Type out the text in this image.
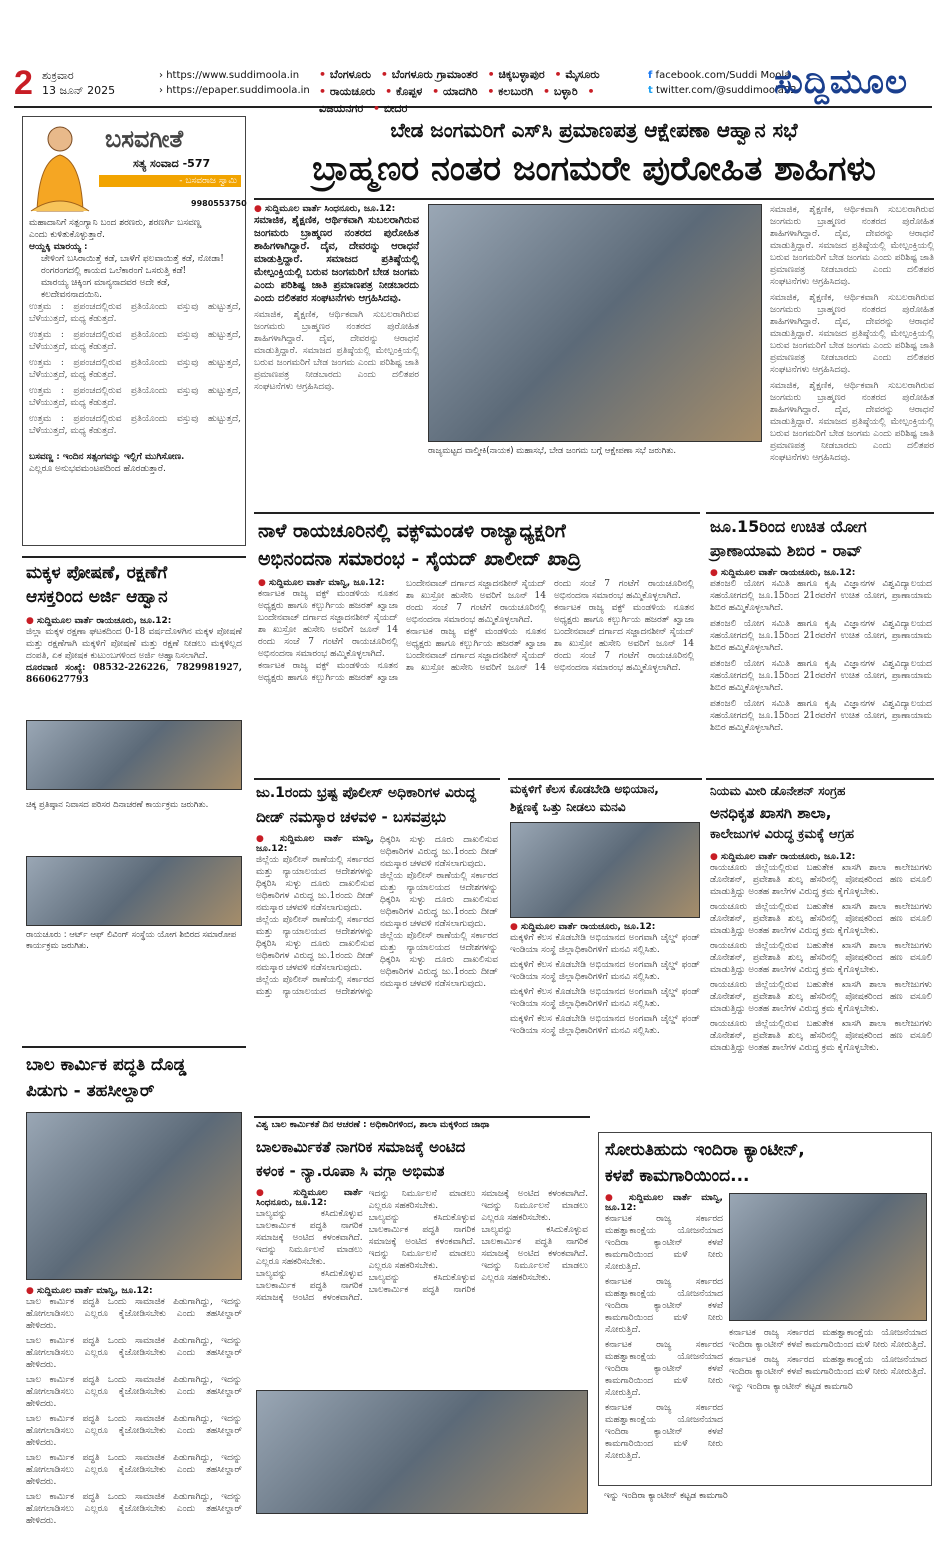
2 ಶುಕ್ರವಾರ
13 ಜೂನ್ 2025
› https://www.suddimoola.in
› https://epaper.suddimoola.in
• ಬೆಂಗಳೂರು • ಬೆಂಗಳೂರು ಗ್ರಾಮಾಂತರ • ಚಿಕ್ಕಬಳ್ಳಾಪುರ • ಮೈಸೂರು
• ರಾಯಚೂರು • ಕೊಪ್ಪಳ • ಯಾದಗಿರಿ • ಕಲಬುರಗಿ • ಬಳ್ಳಾರಿ • ವಿಜಯನಗರ • ಬೀದರ
f facebook.com/Suddi Moola
t twitter.com/@suddimoola22
ಸುದ್ದಿಮೂಲ
ಬಸವಗೀತೆ
ಸತ್ಯ ಸಂವಾದ -577
- ಬಸವರಾಜ ಸ್ವಾಮಿ
9980553750
ಮಹಾದಾನಿಗೆ ಸತ್ಪಂಗ್ಯಾನಿ ಬಂದ ಶರಣರು, ಶರಣರ್ಗಿ ಬಸವಣ್ಣ
ಎಂದು ಕುಳಿತುಕೊಳ್ಳುತ್ತಾರೆ.
ಆಯ್ದಕ್ಕಿ ಮಾರಯ್ಯ :
ಚೇಳಿಂಗೆ ಬಸಿರಾಯಿತ್ತೆ ಕಡೆ, ಬಾಳೆಗೆ ಫಲವಾಯಿತ್ತೆ ಕಡೆ, ನೋಡಾ!
ರಂಗರಂಗದಲ್ಲಿ ಕಾಯದ ಒಲೆಕಾರಂಗೆ ಒಸರುತ್ತಿ ಕಡೆ!
ಮಾರಯ್ಯ ಚಿಕ್ಕಿಂಗ ಮಾನ್ಯನಾದವರ ಅದೇ ಕಡೆ,
ಕಲದೇವನನಾದಯಿನಿ.
ಉತ್ತಮ : ಪ್ರಪಂಚದಲ್ಲಿರುವ ಪ್ರತಿಯೊಂದು ವಸ್ತುವು ಹುಟ್ಟುತ್ತದೆ, ಬೆಳೆಯುತ್ತದೆ, ಮಧ್ಯ ಕೆಡುತ್ತದೆ.
ಉತ್ತಮ : ಪ್ರಪಂಚದಲ್ಲಿರುವ ಪ್ರತಿಯೊಂದು ವಸ್ತುವು ಹುಟ್ಟುತ್ತದೆ, ಬೆಳೆಯುತ್ತದೆ, ಮಧ್ಯ ಕೆಡುತ್ತದೆ.
ಉತ್ತಮ : ಪ್ರಪಂಚದಲ್ಲಿರುವ ಪ್ರತಿಯೊಂದು ವಸ್ತುವು ಹುಟ್ಟುತ್ತದೆ, ಬೆಳೆಯುತ್ತದೆ, ಮಧ್ಯ ಕೆಡುತ್ತದೆ.
ಉತ್ತಮ : ಪ್ರಪಂಚದಲ್ಲಿರುವ ಪ್ರತಿಯೊಂದು ವಸ್ತುವು ಹುಟ್ಟುತ್ತದೆ, ಬೆಳೆಯುತ್ತದೆ, ಮಧ್ಯ ಕೆಡುತ್ತದೆ.
ಉತ್ತಮ : ಪ್ರಪಂಚದಲ್ಲಿರುವ ಪ್ರತಿಯೊಂದು ವಸ್ತುವು ಹುಟ್ಟುತ್ತದೆ, ಬೆಳೆಯುತ್ತದೆ, ಮಧ್ಯ ಕೆಡುತ್ತದೆ.
ಬಸವಣ್ಣ : ಇಂದಿನ ಸತ್ಸಂಗವನ್ನು ಇಲ್ಲಿಗೆ ಮುಗಿಸೋಣ.
ಎಲ್ಲರೂ ಅನುಭವಮಂಟಪದಿಂದ ಹೊರಡುತ್ತಾರೆ.
ಬೇಡ ಜಂಗಮರಿಗೆ ಎಸ್‌ಸಿ ಪ್ರಮಾಣಪತ್ರ ಆಕ್ಷೇಪಣಾ ಆಹ್ವಾನ ಸಭೆ
ಬ್ರಾಹ್ಮಣರ ನಂತರ ಜಂಗಮರೇ ಪುರೋಹಿತ ಶಾಹಿಗಳು
● ಸುದ್ದಿಮೂಲ ವಾರ್ತೆ ಸಿಂಧನೂರು, ಜೂ.12:
ಸಮಾಜಿಕ, ಶೈಕ್ಷಣಿಕ, ಆರ್ಥಿಕವಾಗಿ ಸುಬಲರಾಗಿರುವ ಜಂಗಮರು ಬ್ರಾಹ್ಮಣರ ನಂತರದ ಪುರೋಹಿತ ಶಾಹಿಗಳಾಗಿದ್ದಾರೆ. ದೈವ, ದೇವರನ್ನು ಆರಾಧನೆ ಮಾಡುತ್ತಿದ್ದಾರೆ. ಸಮಾಜದ ಪ್ರತಿಷ್ಠೆಯಲ್ಲಿ ಮೇಲ್ಪಂಕ್ತಿಯಲ್ಲಿ ಬರುವ ಜಂಗಮರಿಗೆ ಬೇಡ ಜಂಗಮ ಎಂದು ಪರಿಶಿಷ್ಟ ಜಾತಿ ಪ್ರಮಾಣಪತ್ರ ನೀಡಬಾರದು ಎಂದು ದಲಿತಪರ ಸಂಘಟನೆಗಳು ಆಗ್ರಹಿಸಿದವು.
ಸಮಾಜಿಕ, ಶೈಕ್ಷಣಿಕ, ಆರ್ಥಿಕವಾಗಿ ಸುಬಲರಾಗಿರುವ ಜಂಗಮರು ಬ್ರಾಹ್ಮಣರ ನಂತರದ ಪುರೋಹಿತ ಶಾಹಿಗಳಾಗಿದ್ದಾರೆ. ದೈವ, ದೇವರನ್ನು ಆರಾಧನೆ ಮಾಡುತ್ತಿದ್ದಾರೆ. ಸಮಾಜದ ಪ್ರತಿಷ್ಠೆಯಲ್ಲಿ ಮೇಲ್ಪಂಕ್ತಿಯಲ್ಲಿ ಬರುವ ಜಂಗಮರಿಗೆ ಬೇಡ ಜಂಗಮ ಎಂದು ಪರಿಶಿಷ್ಟ ಜಾತಿ ಪ್ರಮಾಣಪತ್ರ ನೀಡಬಾರದು ಎಂದು ದಲಿತಪರ ಸಂಘಟನೆಗಳು ಆಗ್ರಹಿಸಿದವು.
ರಾಜ್ಯಮಟ್ಟದ ವಾಲ್ಮೀಕಿ(ನಾಯಕ) ಮಹಾಸಭೆ, ಬೇಡ ಜಂಗಮ ಬಗ್ಗೆ ಆಕ್ಷೇಪಣಾ ಸಭೆ ಜರುಗಿತು.
ಸಮಾಜಿಕ, ಶೈಕ್ಷಣಿಕ, ಆರ್ಥಿಕವಾಗಿ ಸುಬಲರಾಗಿರುವ ಜಂಗಮರು ಬ್ರಾಹ್ಮಣರ ನಂತರದ ಪುರೋಹಿತ ಶಾಹಿಗಳಾಗಿದ್ದಾರೆ. ದೈವ, ದೇವರನ್ನು ಆರಾಧನೆ ಮಾಡುತ್ತಿದ್ದಾರೆ. ಸಮಾಜದ ಪ್ರತಿಷ್ಠೆಯಲ್ಲಿ ಮೇಲ್ಪಂಕ್ತಿಯಲ್ಲಿ ಬರುವ ಜಂಗಮರಿಗೆ ಬೇಡ ಜಂಗಮ ಎಂದು ಪರಿಶಿಷ್ಟ ಜಾತಿ ಪ್ರಮಾಣಪತ್ರ ನೀಡಬಾರದು ಎಂದು ದಲಿತಪರ ಸಂಘಟನೆಗಳು ಆಗ್ರಹಿಸಿದವು.
ಸಮಾಜಿಕ, ಶೈಕ್ಷಣಿಕ, ಆರ್ಥಿಕವಾಗಿ ಸುಬಲರಾಗಿರುವ ಜಂಗಮರು ಬ್ರಾಹ್ಮಣರ ನಂತರದ ಪುರೋಹಿತ ಶಾಹಿಗಳಾಗಿದ್ದಾರೆ. ದೈವ, ದೇವರನ್ನು ಆರಾಧನೆ ಮಾಡುತ್ತಿದ್ದಾರೆ. ಸಮಾಜದ ಪ್ರತಿಷ್ಠೆಯಲ್ಲಿ ಮೇಲ್ಪಂಕ್ತಿಯಲ್ಲಿ ಬರುವ ಜಂಗಮರಿಗೆ ಬೇಡ ಜಂಗಮ ಎಂದು ಪರಿಶಿಷ್ಟ ಜಾತಿ ಪ್ರಮಾಣಪತ್ರ ನೀಡಬಾರದು ಎಂದು ದಲಿತಪರ ಸಂಘಟನೆಗಳು ಆಗ್ರಹಿಸಿದವು.
ಸಮಾಜಿಕ, ಶೈಕ್ಷಣಿಕ, ಆರ್ಥಿಕವಾಗಿ ಸುಬಲರಾಗಿರುವ ಜಂಗಮರು ಬ್ರಾಹ್ಮಣರ ನಂತರದ ಪುರೋಹಿತ ಶಾಹಿಗಳಾಗಿದ್ದಾರೆ. ದೈವ, ದೇವರನ್ನು ಆರಾಧನೆ ಮಾಡುತ್ತಿದ್ದಾರೆ. ಸಮಾಜದ ಪ್ರತಿಷ್ಠೆಯಲ್ಲಿ ಮೇಲ್ಪಂಕ್ತಿಯಲ್ಲಿ ಬರುವ ಜಂಗಮರಿಗೆ ಬೇಡ ಜಂಗಮ ಎಂದು ಪರಿಶಿಷ್ಟ ಜಾತಿ ಪ್ರಮಾಣಪತ್ರ ನೀಡಬಾರದು ಎಂದು ದಲಿತಪರ ಸಂಘಟನೆಗಳು ಆಗ್ರಹಿಸಿದವು.
ನಾಳೆ ರಾಯಚೂರಿನಲ್ಲಿ ವಕ್ಫ್‌ಮಂಡಳಿ ರಾಜ್ಯಾಧ್ಯಕ್ಷರಿಗೆ
ಅಭಿನಂದನಾ ಸಮಾರಂಭ - ಸೈಯದ್ ಖಾಲೀದ್ ಖಾದ್ರಿ
● ಸುದ್ದಿಮೂಲ ವಾರ್ತೆ ಮಾನ್ವಿ, ಜೂ.12:
ಕರ್ನಾಟಕ ರಾಜ್ಯ ವಕ್ಫ್ ಮಂಡಳಿಯ ನೂತನ ಅಧ್ಯಕ್ಷರು ಹಾಗೂ ಕಲ್ಬುರ್ಗಿಯ ಹಜರತ್ ಖ್ವಾಜಾ ಬಂದೇನವಾಜ್ ದರ್ಗಾದ ಸಜ್ಜಾದನಶೀನ್ ಸೈಯದ್ ಶಾ ಖುಸ್ರೋ ಹುಸೇನಿ ಅವರಿಗೆ ಜೂನ್ 14 ರಂದು ಸಂಜೆ 7 ಗಂಟೆಗೆ ರಾಯಚೂರಿನಲ್ಲಿ ಅಭಿನಂದನಾ ಸಮಾರಂಭ ಹಮ್ಮಿಕೊಳ್ಳಲಾಗಿದೆ.
ಕರ್ನಾಟಕ ರಾಜ್ಯ ವಕ್ಫ್ ಮಂಡಳಿಯ ನೂತನ ಅಧ್ಯಕ್ಷರು ಹಾಗೂ ಕಲ್ಬುರ್ಗಿಯ ಹಜರತ್ ಖ್ವಾಜಾ ಬಂದೇನವಾಜ್ ದರ್ಗಾದ ಸಜ್ಜಾದನಶೀನ್ ಸೈಯದ್ ಶಾ ಖುಸ್ರೋ ಹುಸೇನಿ ಅವರಿಗೆ ಜೂನ್ 14 ರಂದು ಸಂಜೆ 7 ಗಂಟೆಗೆ ರಾಯಚೂರಿನಲ್ಲಿ ಅಭಿನಂದನಾ ಸಮಾರಂಭ ಹಮ್ಮಿಕೊಳ್ಳಲಾಗಿದೆ.
ಕರ್ನಾಟಕ ರಾಜ್ಯ ವಕ್ಫ್ ಮಂಡಳಿಯ ನೂತನ ಅಧ್ಯಕ್ಷರು ಹಾಗೂ ಕಲ್ಬುರ್ಗಿಯ ಹಜರತ್ ಖ್ವಾಜಾ ಬಂದೇನವಾಜ್ ದರ್ಗಾದ ಸಜ್ಜಾದನಶೀನ್ ಸೈಯದ್ ಶಾ ಖುಸ್ರೋ ಹುಸೇನಿ ಅವರಿಗೆ ಜೂನ್ 14 ರಂದು ಸಂಜೆ 7 ಗಂಟೆಗೆ ರಾಯಚೂರಿನಲ್ಲಿ ಅಭಿನಂದನಾ ಸಮಾರಂಭ ಹಮ್ಮಿಕೊಳ್ಳಲಾಗಿದೆ.
ಕರ್ನಾಟಕ ರಾಜ್ಯ ವಕ್ಫ್ ಮಂಡಳಿಯ ನೂತನ ಅಧ್ಯಕ್ಷರು ಹಾಗೂ ಕಲ್ಬುರ್ಗಿಯ ಹಜರತ್ ಖ್ವಾಜಾ ಬಂದೇನವಾಜ್ ದರ್ಗಾದ ಸಜ್ಜಾದನಶೀನ್ ಸೈಯದ್ ಶಾ ಖುಸ್ರೋ ಹುಸೇನಿ ಅವರಿಗೆ ಜೂನ್ 14 ರಂದು ಸಂಜೆ 7 ಗಂಟೆಗೆ ರಾಯಚೂರಿನಲ್ಲಿ ಅಭಿನಂದನಾ ಸಮಾರಂಭ ಹಮ್ಮಿಕೊಳ್ಳಲಾಗಿದೆ.
ಜೂ.15ರಿಂದ ಉಚಿತ ಯೋಗ
ಪ್ರಾಣಾಯಾಮ ಶಿಬಿರ - ರಾವ್
● ಸುದ್ದಿಮೂಲ ವಾರ್ತೆ ರಾಯಚೂರು, ಜೂ.12:
ಪತಂಜಲಿ ಯೋಗ ಸಮಿತಿ ಹಾಗೂ ಕೃಷಿ ವಿಜ್ಞಾನಗಳ ವಿಶ್ವವಿದ್ಯಾಲಯದ ಸಹಯೋಗದಲ್ಲಿ ಜೂ.15ರಿಂದ 21ರವರೆಗೆ ಉಚಿತ ಯೋಗ, ಪ್ರಾಣಾಯಾಮ ಶಿಬಿರ ಹಮ್ಮಿಕೊಳ್ಳಲಾಗಿದೆ.
ಪತಂಜಲಿ ಯೋಗ ಸಮಿತಿ ಹಾಗೂ ಕೃಷಿ ವಿಜ್ಞಾನಗಳ ವಿಶ್ವವಿದ್ಯಾಲಯದ ಸಹಯೋಗದಲ್ಲಿ ಜೂ.15ರಿಂದ 21ರವರೆಗೆ ಉಚಿತ ಯೋಗ, ಪ್ರಾಣಾಯಾಮ ಶಿಬಿರ ಹಮ್ಮಿಕೊಳ್ಳಲಾಗಿದೆ.
ಪತಂಜಲಿ ಯೋಗ ಸಮಿತಿ ಹಾಗೂ ಕೃಷಿ ವಿಜ್ಞಾನಗಳ ವಿಶ್ವವಿದ್ಯಾಲಯದ ಸಹಯೋಗದಲ್ಲಿ ಜೂ.15ರಿಂದ 21ರವರೆಗೆ ಉಚಿತ ಯೋಗ, ಪ್ರಾಣಾಯಾಮ ಶಿಬಿರ ಹಮ್ಮಿಕೊಳ್ಳಲಾಗಿದೆ.
ಪತಂಜಲಿ ಯೋಗ ಸಮಿತಿ ಹಾಗೂ ಕೃಷಿ ವಿಜ್ಞಾನಗಳ ವಿಶ್ವವಿದ್ಯಾಲಯದ ಸಹಯೋಗದಲ್ಲಿ ಜೂ.15ರಿಂದ 21ರವರೆಗೆ ಉಚಿತ ಯೋಗ, ಪ್ರಾಣಾಯಾಮ ಶಿಬಿರ ಹಮ್ಮಿಕೊಳ್ಳಲಾಗಿದೆ.
ಮಕ್ಕಳ ಪೋಷಣೆ, ರಕ್ಷಣೆಗೆ
ಆಸಕ್ತರಿಂದ ಅರ್ಜಿ ಆಹ್ವಾನ
● ಸುದ್ದಿಮೂಲ ವಾರ್ತೆ ರಾಯಚೂರು, ಜೂ.12:
ಜಿಲ್ಲಾ ಮಕ್ಕಳ ರಕ್ಷಣಾ ಘಟಕದಿಂದ 0-18 ವರ್ಷದೊಳಗಿನ ಮಕ್ಕಳ ಪೋಷಣೆ ಮತ್ತು ರಕ್ಷಣೆಗಾಗಿ ಮಕ್ಕಳಿಗೆ ಪೋಷಣೆ ಮತ್ತು ರಕ್ಷಣೆ ನೀಡಲು ಮಕ್ಕಳಿಲ್ಲದ ದಂಪತಿ, ಏಕ ಪೋಷಕ ಕುಟುಂಬಗಳಿಂದ ಅರ್ಜಿ ಆಹ್ವಾನಿಸಲಾಗಿದೆ.
ದೂರವಾಣಿ ಸಂಖ್ಯೆ: 08532-226226, 7829981927, 8660627793
ಚಿಕ್ಕ ಪ್ರತಿಷ್ಠಾನ ನಿವಾಸದ ಪರಿಸರ ದಿನಾಚರಣೆ ಕಾರ್ಯಕ್ರಮ ಜರುಗಿತು.
ರಾಯಚೂರು : ಆರ್ಟ್ ಆಫ್ ಲಿವಿಂಗ್ ಸಂಸ್ಥೆಯ ಯೋಗ ಶಿಬಿರದ ಸಮಾರೋಪ ಕಾರ್ಯಕ್ರಮ ಜರುಗಿತು.
ಬಾಲ ಕಾರ್ಮಿಕ ಪದ್ಧತಿ ದೊಡ್ಡ
ಪಿಡುಗು - ತಹಸೀಲ್ದಾರ್
● ಸುದ್ದಿಮೂಲ ವಾರ್ತೆ ಮಾನ್ವಿ, ಜೂ.12:
ಬಾಲ ಕಾರ್ಮಿಕ ಪದ್ಧತಿ ಒಂದು ಸಾಮಾಜಿಕ ಪಿಡುಗಾಗಿದ್ದು, ಇದನ್ನು ಹೋಗಲಾಡಿಸಲು ಎಲ್ಲರೂ ಕೈಜೋಡಿಸಬೇಕು ಎಂದು ತಹಸೀಲ್ದಾರ್ ಹೇಳಿದರು.
ಬಾಲ ಕಾರ್ಮಿಕ ಪದ್ಧತಿ ಒಂದು ಸಾಮಾಜಿಕ ಪಿಡುಗಾಗಿದ್ದು, ಇದನ್ನು ಹೋಗಲಾಡಿಸಲು ಎಲ್ಲರೂ ಕೈಜೋಡಿಸಬೇಕು ಎಂದು ತಹಸೀಲ್ದಾರ್ ಹೇಳಿದರು.
ಬಾಲ ಕಾರ್ಮಿಕ ಪದ್ಧತಿ ಒಂದು ಸಾಮಾಜಿಕ ಪಿಡುಗಾಗಿದ್ದು, ಇದನ್ನು ಹೋಗಲಾಡಿಸಲು ಎಲ್ಲರೂ ಕೈಜೋಡಿಸಬೇಕು ಎಂದು ತಹಸೀಲ್ದಾರ್ ಹೇಳಿದರು.
ಬಾಲ ಕಾರ್ಮಿಕ ಪದ್ಧತಿ ಒಂದು ಸಾಮಾಜಿಕ ಪಿಡುಗಾಗಿದ್ದು, ಇದನ್ನು ಹೋಗಲಾಡಿಸಲು ಎಲ್ಲರೂ ಕೈಜೋಡಿಸಬೇಕು ಎಂದು ತಹಸೀಲ್ದಾರ್ ಹೇಳಿದರು.
ಬಾಲ ಕಾರ್ಮಿಕ ಪದ್ಧತಿ ಒಂದು ಸಾಮಾಜಿಕ ಪಿಡುಗಾಗಿದ್ದು, ಇದನ್ನು ಹೋಗಲಾಡಿಸಲು ಎಲ್ಲರೂ ಕೈಜೋಡಿಸಬೇಕು ಎಂದು ತಹಸೀಲ್ದಾರ್ ಹೇಳಿದರು.
ಬಾಲ ಕಾರ್ಮಿಕ ಪದ್ಧತಿ ಒಂದು ಸಾಮಾಜಿಕ ಪಿಡುಗಾಗಿದ್ದು, ಇದನ್ನು ಹೋಗಲಾಡಿಸಲು ಎಲ್ಲರೂ ಕೈಜೋಡಿಸಬೇಕು ಎಂದು ತಹಸೀಲ್ದಾರ್ ಹೇಳಿದರು.
ಜು.1ರಂದು ಭ್ರಷ್ಟ ಪೊಲೀಸ್ ಅಧಿಕಾರಿಗಳ ವಿರುದ್ಧ
ದೀಡ್ ನಮಸ್ಕಾರ ಚಳವಳಿ - ಬಸವಪ್ರಭು
● ಸುದ್ದಿಮೂಲ ವಾರ್ತೆ ಮಾನ್ವಿ, ಜೂ.12:
ಜಿಲ್ಲೆಯ ಪೊಲೀಸ್ ಠಾಣೆಯಲ್ಲಿ ಸರ್ಕಾರದ ಮತ್ತು ನ್ಯಾಯಾಲಯದ ಆದೇಶಗಳನ್ನು ಧಿಕ್ಕರಿಸಿ ಸುಳ್ಳು ದೂರು ದಾಖಲಿಸುವ ಅಧಿಕಾರಿಗಳ ವಿರುದ್ಧ ಜು.1ರಂದು ದೀಡ್ ನಮಸ್ಕಾರ ಚಳವಳಿ ನಡೆಸಲಾಗುವುದು.
ಜಿಲ್ಲೆಯ ಪೊಲೀಸ್ ಠಾಣೆಯಲ್ಲಿ ಸರ್ಕಾರದ ಮತ್ತು ನ್ಯಾಯಾಲಯದ ಆದೇಶಗಳನ್ನು ಧಿಕ್ಕರಿಸಿ ಸುಳ್ಳು ದೂರು ದಾಖಲಿಸುವ ಅಧಿಕಾರಿಗಳ ವಿರುದ್ಧ ಜು.1ರಂದು ದೀಡ್ ನಮಸ್ಕಾರ ಚಳವಳಿ ನಡೆಸಲಾಗುವುದು.
ಜಿಲ್ಲೆಯ ಪೊಲೀಸ್ ಠಾಣೆಯಲ್ಲಿ ಸರ್ಕಾರದ ಮತ್ತು ನ್ಯಾಯಾಲಯದ ಆದೇಶಗಳನ್ನು ಧಿಕ್ಕರಿಸಿ ಸುಳ್ಳು ದೂರು ದಾಖಲಿಸುವ ಅಧಿಕಾರಿಗಳ ವಿರುದ್ಧ ಜು.1ರಂದು ದೀಡ್ ನಮಸ್ಕಾರ ಚಳವಳಿ ನಡೆಸಲಾಗುವುದು.
ಜಿಲ್ಲೆಯ ಪೊಲೀಸ್ ಠಾಣೆಯಲ್ಲಿ ಸರ್ಕಾರದ ಮತ್ತು ನ್ಯಾಯಾಲಯದ ಆದೇಶಗಳನ್ನು ಧಿಕ್ಕರಿಸಿ ಸುಳ್ಳು ದೂರು ದಾಖಲಿಸುವ ಅಧಿಕಾರಿಗಳ ವಿರುದ್ಧ ಜು.1ರಂದು ದೀಡ್ ನಮಸ್ಕಾರ ಚಳವಳಿ ನಡೆಸಲಾಗುವುದು.
ಜಿಲ್ಲೆಯ ಪೊಲೀಸ್ ಠಾಣೆಯಲ್ಲಿ ಸರ್ಕಾರದ ಮತ್ತು ನ್ಯಾಯಾಲಯದ ಆದೇಶಗಳನ್ನು ಧಿಕ್ಕರಿಸಿ ಸುಳ್ಳು ದೂರು ದಾಖಲಿಸುವ ಅಧಿಕಾರಿಗಳ ವಿರುದ್ಧ ಜು.1ರಂದು ದೀಡ್ ನಮಸ್ಕಾರ ಚಳವಳಿ ನಡೆಸಲಾಗುವುದು.
ಮಕ್ಕಳಿಗೆ ಕೆಲಸ ಕೊಡಬೇಡಿ ಅಭಿಯಾನ,
ಶಿಕ್ಷಣಕ್ಕೆ ಒತ್ತು ನೀಡಲು ಮನವಿ
● ಸುದ್ದಿಮೂಲ ವಾರ್ತೆ ರಾಯಚೂರು, ಜೂ.12:
ಮಕ್ಕಳಿಗೆ ಕೆಲಸ ಕೊಡಬೇಡಿ ಅಭಿಯಾನದ ಅಂಗವಾಗಿ ಚೈಲ್ಡ್ ಫಂಡ್ ಇಂಡಿಯಾ ಸಂಸ್ಥೆ ಜಿಲ್ಲಾಧಿಕಾರಿಗಳಿಗೆ ಮನವಿ ಸಲ್ಲಿಸಿತು.
ಮಕ್ಕಳಿಗೆ ಕೆಲಸ ಕೊಡಬೇಡಿ ಅಭಿಯಾನದ ಅಂಗವಾಗಿ ಚೈಲ್ಡ್ ಫಂಡ್ ಇಂಡಿಯಾ ಸಂಸ್ಥೆ ಜಿಲ್ಲಾಧಿಕಾರಿಗಳಿಗೆ ಮನವಿ ಸಲ್ಲಿಸಿತು.
ಮಕ್ಕಳಿಗೆ ಕೆಲಸ ಕೊಡಬೇಡಿ ಅಭಿಯಾನದ ಅಂಗವಾಗಿ ಚೈಲ್ಡ್ ಫಂಡ್ ಇಂಡಿಯಾ ಸಂಸ್ಥೆ ಜಿಲ್ಲಾಧಿಕಾರಿಗಳಿಗೆ ಮನವಿ ಸಲ್ಲಿಸಿತು.
ಮಕ್ಕಳಿಗೆ ಕೆಲಸ ಕೊಡಬೇಡಿ ಅಭಿಯಾನದ ಅಂಗವಾಗಿ ಚೈಲ್ಡ್ ಫಂಡ್ ಇಂಡಿಯಾ ಸಂಸ್ಥೆ ಜಿಲ್ಲಾಧಿಕಾರಿಗಳಿಗೆ ಮನವಿ ಸಲ್ಲಿಸಿತು.
ನಿಯಮ ಮೀರಿ ಡೊನೇಶನ್ ಸಂಗ್ರಹ
ಅನಧಿಕೃತ ಖಾಸಗಿ ಶಾಲಾ,
ಕಾಲೇಜುಗಳ ವಿರುದ್ಧ ಕ್ರಮಕ್ಕೆ ಆಗ್ರಹ
● ಸುದ್ದಿಮೂಲ ವಾರ್ತೆ ರಾಯಚೂರು, ಜೂ.12:
ರಾಯಚೂರು ಜಿಲ್ಲೆಯಲ್ಲಿರುವ ಬಹುತೇಕ ಖಾಸಗಿ ಶಾಲಾ ಕಾಲೇಜುಗಳು ಡೊನೇಶನ್, ಪ್ರವೇಶಾತಿ ಶುಲ್ಕ ಹೆಸರಿನಲ್ಲಿ ಪೋಷಕರಿಂದ ಹಣ ವಸೂಲಿ ಮಾಡುತ್ತಿದ್ದು ಅಂತಹ ಶಾಲೆಗಳ ವಿರುದ್ಧ ಕ್ರಮ ಕೈಗೊಳ್ಳಬೇಕು.
ರಾಯಚೂರು ಜಿಲ್ಲೆಯಲ್ಲಿರುವ ಬಹುತೇಕ ಖಾಸಗಿ ಶಾಲಾ ಕಾಲೇಜುಗಳು ಡೊನೇಶನ್, ಪ್ರವೇಶಾತಿ ಶುಲ್ಕ ಹೆಸರಿನಲ್ಲಿ ಪೋಷಕರಿಂದ ಹಣ ವಸೂಲಿ ಮಾಡುತ್ತಿದ್ದು ಅಂತಹ ಶಾಲೆಗಳ ವಿರುದ್ಧ ಕ್ರಮ ಕೈಗೊಳ್ಳಬೇಕು.
ರಾಯಚೂರು ಜಿಲ್ಲೆಯಲ್ಲಿರುವ ಬಹುತೇಕ ಖಾಸಗಿ ಶಾಲಾ ಕಾಲೇಜುಗಳು ಡೊನೇಶನ್, ಪ್ರವೇಶಾತಿ ಶುಲ್ಕ ಹೆಸರಿನಲ್ಲಿ ಪೋಷಕರಿಂದ ಹಣ ವಸೂಲಿ ಮಾಡುತ್ತಿದ್ದು ಅಂತಹ ಶಾಲೆಗಳ ವಿರುದ್ಧ ಕ್ರಮ ಕೈಗೊಳ್ಳಬೇಕು.
ರಾಯಚೂರು ಜಿಲ್ಲೆಯಲ್ಲಿರುವ ಬಹುತೇಕ ಖಾಸಗಿ ಶಾಲಾ ಕಾಲೇಜುಗಳು ಡೊನೇಶನ್, ಪ್ರವೇಶಾತಿ ಶುಲ್ಕ ಹೆಸರಿನಲ್ಲಿ ಪೋಷಕರಿಂದ ಹಣ ವಸೂಲಿ ಮಾಡುತ್ತಿದ್ದು ಅಂತಹ ಶಾಲೆಗಳ ವಿರುದ್ಧ ಕ್ರಮ ಕೈಗೊಳ್ಳಬೇಕು.
ರಾಯಚೂರು ಜಿಲ್ಲೆಯಲ್ಲಿರುವ ಬಹುತೇಕ ಖಾಸಗಿ ಶಾಲಾ ಕಾಲೇಜುಗಳು ಡೊನೇಶನ್, ಪ್ರವೇಶಾತಿ ಶುಲ್ಕ ಹೆಸರಿನಲ್ಲಿ ಪೋಷಕರಿಂದ ಹಣ ವಸೂಲಿ ಮಾಡುತ್ತಿದ್ದು ಅಂತಹ ಶಾಲೆಗಳ ವಿರುದ್ಧ ಕ್ರಮ ಕೈಗೊಳ್ಳಬೇಕು.
ವಿಶ್ವ ಬಾಲ ಕಾರ್ಮಿಕತೆ ದಿನ ಆಚರಣೆ : ಅಧಿಕಾರಿಗಳಿಂದ, ಶಾಲಾ ಮಕ್ಕಳಿಂದ ಜಾಥಾ
ಬಾಲಕಾರ್ಮಿಕತೆ ನಾಗರಿಕ ಸಮಾಜಕ್ಕೆ ಅಂಟಿದ
ಕಳಂಕ - ನ್ಯಾ.ರೂಪಾ ಸಿ ವಗ್ಗಾ ಅಭಿಮತ
● ಸುದ್ದಿಮೂಲ ವಾರ್ತೆ ಸಿಂಧನೂರು, ಜೂ.12:
ಬಾಲ್ಯವನ್ನು ಕಸಿದುಕೊಳ್ಳುವ ಬಾಲಕಾರ್ಮಿಕ ಪದ್ಧತಿ ನಾಗರಿಕ ಸಮಾಜಕ್ಕೆ ಅಂಟಿದ ಕಳಂಕವಾಗಿದೆ. ಇದನ್ನು ನಿರ್ಮೂಲನೆ ಮಾಡಲು ಎಲ್ಲರೂ ಸಹಕರಿಸಬೇಕು.
ಬಾಲ್ಯವನ್ನು ಕಸಿದುಕೊಳ್ಳುವ ಬಾಲಕಾರ್ಮಿಕ ಪದ್ಧತಿ ನಾಗರಿಕ ಸಮಾಜಕ್ಕೆ ಅಂಟಿದ ಕಳಂಕವಾಗಿದೆ. ಇದನ್ನು ನಿರ್ಮೂಲನೆ ಮಾಡಲು ಎಲ್ಲರೂ ಸಹಕರಿಸಬೇಕು.
ಬಾಲ್ಯವನ್ನು ಕಸಿದುಕೊಳ್ಳುವ ಬಾಲಕಾರ್ಮಿಕ ಪದ್ಧತಿ ನಾಗರಿಕ ಸಮಾಜಕ್ಕೆ ಅಂಟಿದ ಕಳಂಕವಾಗಿದೆ. ಇದನ್ನು ನಿರ್ಮೂಲನೆ ಮಾಡಲು ಎಲ್ಲರೂ ಸಹಕರಿಸಬೇಕು.
ಬಾಲ್ಯವನ್ನು ಕಸಿದುಕೊಳ್ಳುವ ಬಾಲಕಾರ್ಮಿಕ ಪದ್ಧತಿ ನಾಗರಿಕ ಸಮಾಜಕ್ಕೆ ಅಂಟಿದ ಕಳಂಕವಾಗಿದೆ. ಇದನ್ನು ನಿರ್ಮೂಲನೆ ಮಾಡಲು ಎಲ್ಲರೂ ಸಹಕರಿಸಬೇಕು.
ಬಾಲ್ಯವನ್ನು ಕಸಿದುಕೊಳ್ಳುವ ಬಾಲಕಾರ್ಮಿಕ ಪದ್ಧತಿ ನಾಗರಿಕ ಸಮಾಜಕ್ಕೆ ಅಂಟಿದ ಕಳಂಕವಾಗಿದೆ. ಇದನ್ನು ನಿರ್ಮೂಲನೆ ಮಾಡಲು ಎಲ್ಲರೂ ಸಹಕರಿಸಬೇಕು.
ಸೋರುತಿಹುದು ಇಂದಿರಾ ಕ್ಯಾಂಟೀನ್,
ಕಳಪೆ ಕಾಮಗಾರಿಯಿಂದ...
● ಸುದ್ದಿಮೂಲ ವಾರ್ತೆ ಮಾನ್ವಿ, ಜೂ.12:
ಕರ್ನಾಟಕ ರಾಜ್ಯ ಸರ್ಕಾರದ ಮಹತ್ವಾಕಾಂಕ್ಷೆಯ ಯೋಜನೆಯಾದ ಇಂದಿರಾ ಕ್ಯಾಂಟೀನ್ ಕಳಪೆ ಕಾಮಗಾರಿಯಿಂದ ಮಳೆ ನೀರು ಸೋರುತ್ತಿದೆ.
ಕರ್ನಾಟಕ ರಾಜ್ಯ ಸರ್ಕಾರದ ಮಹತ್ವಾಕಾಂಕ್ಷೆಯ ಯೋಜನೆಯಾದ ಇಂದಿರಾ ಕ್ಯಾಂಟೀನ್ ಕಳಪೆ ಕಾಮಗಾರಿಯಿಂದ ಮಳೆ ನೀರು ಸೋರುತ್ತಿದೆ.
ಕರ್ನಾಟಕ ರಾಜ್ಯ ಸರ್ಕಾರದ ಮಹತ್ವಾಕಾಂಕ್ಷೆಯ ಯೋಜನೆಯಾದ ಇಂದಿರಾ ಕ್ಯಾಂಟೀನ್ ಕಳಪೆ ಕಾಮಗಾರಿಯಿಂದ ಮಳೆ ನೀರು ಸೋರುತ್ತಿದೆ.
ಕರ್ನಾಟಕ ರಾಜ್ಯ ಸರ್ಕಾರದ ಮಹತ್ವಾಕಾಂಕ್ಷೆಯ ಯೋಜನೆಯಾದ ಇಂದಿರಾ ಕ್ಯಾಂಟೀನ್ ಕಳಪೆ ಕಾಮಗಾರಿಯಿಂದ ಮಳೆ ನೀರು ಸೋರುತ್ತಿದೆ.
ಕರ್ನಾಟಕ ರಾಜ್ಯ ಸರ್ಕಾರದ ಮಹತ್ವಾಕಾಂಕ್ಷೆಯ ಯೋಜನೆಯಾದ ಇಂದಿರಾ ಕ್ಯಾಂಟೀನ್ ಕಳಪೆ ಕಾಮಗಾರಿಯಿಂದ ಮಳೆ ನೀರು ಸೋರುತ್ತಿದೆ.
ಕರ್ನಾಟಕ ರಾಜ್ಯ ಸರ್ಕಾರದ ಮಹತ್ವಾಕಾಂಕ್ಷೆಯ ಯೋಜನೆಯಾದ ಇಂದಿರಾ ಕ್ಯಾಂಟೀನ್ ಕಳಪೆ ಕಾಮಗಾರಿಯಿಂದ ಮಳೆ ನೀರು ಸೋರುತ್ತಿದೆ.
ಇನ್ನು ಇಂದಿರಾ ಕ್ಯಾಂಟೀನ್ ಕಟ್ಟಡ ಕಾಮಗಾರಿ
ಇನ್ನು ಇಂದಿರಾ ಕ್ಯಾಂಟೀನ್ ಕಟ್ಟಡ ಕಾಮಗಾರಿ
